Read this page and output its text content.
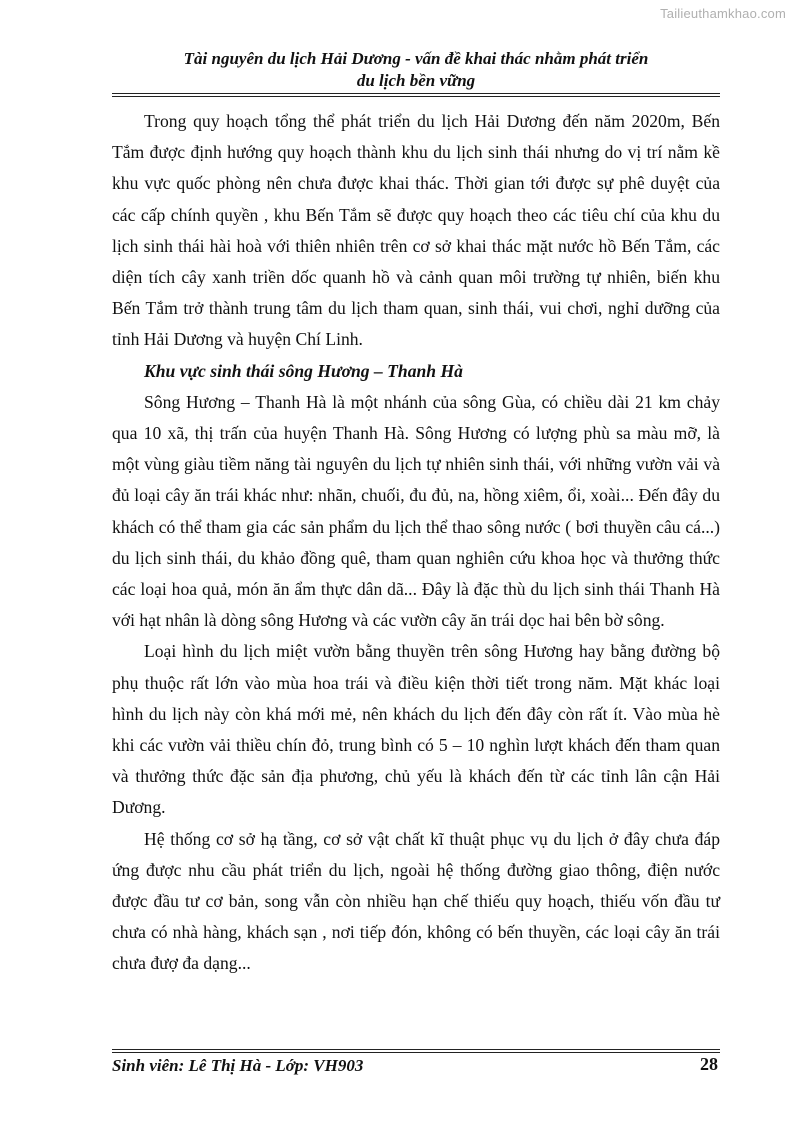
Tailieuthamkhao.com
Tài nguyên du lịch Hải Dương - vấn đề khai thác nhằm phát triển
du lịch bền vững

Trong quy hoạch tổng thể phát triển du lịch Hải Dương đến năm 2020m, Bến Tắm được định hướng quy hoạch thành khu du lịch sinh thái nhưng do vị trí nằm kề khu vực quốc phòng nên chưa được khai thác. Thời gian tới được sự phê duyệt của các cấp chính quyền , khu Bến Tắm sẽ được quy hoạch theo các tiêu chí của khu du lịch sinh thái hài hoà với thiên nhiên trên cơ sở khai thác mặt nước hồ Bến Tắm, các diện tích cây xanh triền dốc quanh hồ và cảnh quan môi trường tự nhiên, biến khu Bến Tắm trở thành trung tâm du lịch tham quan, sinh thái, vui chơi, nghỉ dưỡng của tỉnh Hải Dương và huyện Chí Linh.

Khu vực sinh thái sông Hương – Thanh Hà

Sông Hương – Thanh Hà là một nhánh của sông Gùa, có chiều dài 21 km chảy qua 10 xã, thị trấn của huyện Thanh Hà. Sông Hương có lượng phù sa màu mỡ, là một vùng giàu tiềm năng tài nguyên du lịch tự nhiên sinh thái, với những vườn vải và đủ loại cây ăn trái khác như: nhãn, chuối, đu đủ, na, hồng xiêm, ổi, xoài... Đến đây du khách có thể tham gia các sản phẩm du lịch thể thao sông nước ( bơi thuyền câu cá...) du lịch sinh thái, du khảo đồng quê, tham quan nghiên cứu khoa học và thưởng thức các loại hoa quả, món ăn ẩm thực dân dã... Đây là đặc thù du lịch sinh thái Thanh Hà với hạt nhân là dòng sông Hương và các vườn cây ăn trái dọc hai bên bờ sông.

Loại hình du lịch miệt vườn bằng thuyền trên sông Hương hay bằng đường bộ phụ thuộc rất lớn vào mùa hoa trái và điều kiện thời tiết trong năm. Mặt khác loại hình du lịch này còn khá mới mẻ, nên khách du lịch đến đây còn rất ít. Vào mùa hè khi các vườn vải thiều chín đỏ, trung bình có 5 – 10 nghìn lượt khách đến tham quan và thưởng thức đặc sản địa phương, chủ yếu là khách đến từ các tỉnh lân cận Hải Dương.

Hệ thống cơ sở hạ tầng, cơ sở vật chất kĩ thuật phục vụ du lịch ở đây chưa đáp ứng được nhu cầu phát triển du lịch, ngoài hệ thống đường giao thông, điện nước được đầu tư cơ bản, song vẫn còn nhiều hạn chế thiếu quy hoạch, thiếu vốn đầu tư chưa có nhà hàng, khách sạn , nơi tiếp đón, không có bến thuyền, các loại cây ăn trái chưa đượ đa dạng...

Sinh viên: Lê Thị Hà - Lớp: VH903	28
